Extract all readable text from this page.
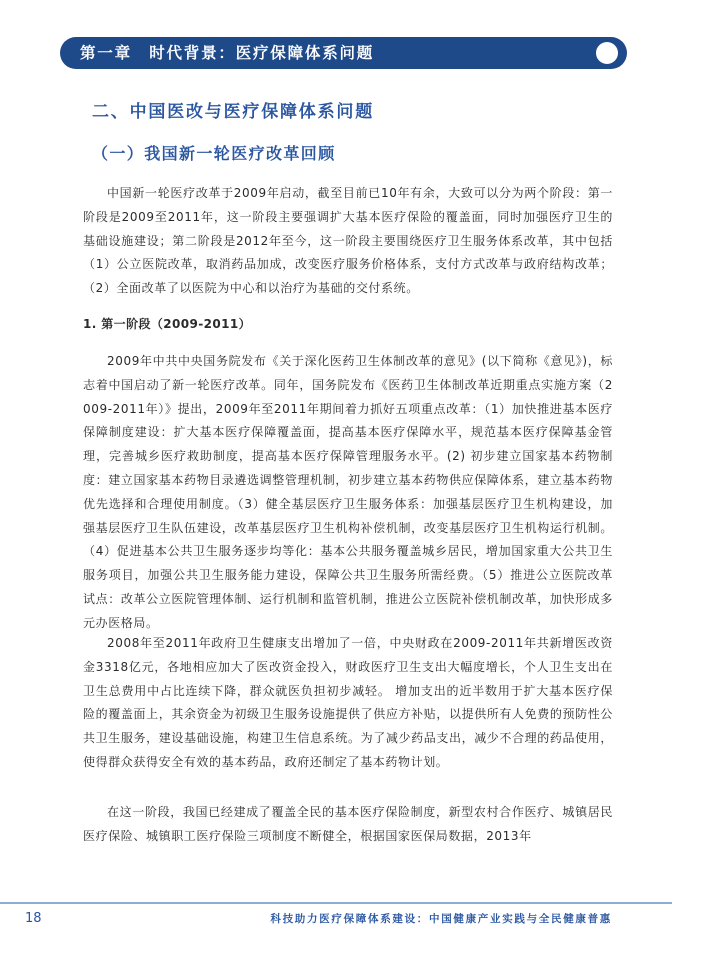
第一章　时代背景：医疗保障体系问题
二、中国医改与医疗保障体系问题
（一）我国新一轮医疗改革回顾

中国新一轮医疗改革于2009年启动，截至目前已10年有余，大致可以分为两个阶段：第一阶段是2009至2011年，这一阶段主要强调扩大基本医疗保险的覆盖面，同时加强医疗卫生的基础设施建设；第二阶段是2012年至今，这一阶段主要围绕医疗卫生服务体系改革，其中包括（1）公立医院改革，取消药品加成，改变医疗服务价格体系，支付方式改革与政府结构改革；（2）全面改革了以医院为中心和以治疗为基础的交付系统。

1. 第一阶段（2009-2011）

2009年中共中央国务院发布《关于深化医药卫生体制改革的意见》(以下简称《意见》)，标志着中国启动了新一轮医疗改革。同年，国务院发布《医药卫生体制改革近期重点实施方案（2009-2011年）》提出，2009年至2011年期间着力抓好五项重点改革：（1）加快推进基本医疗保障制度建设：扩大基本医疗保障覆盖面，提高基本医疗保障水平，规范基本医疗保障基金管理，完善城乡医疗救助制度，提高基本医疗保障管理服务水平。(2) 初步建立国家基本药物制度：建立国家基本药物目录遴选调整管理机制，初步建立基本药物供应保障体系，建立基本药物优先选择和合理使用制度。（3）健全基层医疗卫生服务体系：加强基层医疗卫生机构建设，加强基层医疗卫生队伍建设，改革基层医疗卫生机构补偿机制，改变基层医疗卫生机构运行机制。（4）促进基本公共卫生服务逐步均等化：基本公共服务覆盖城乡居民，增加国家重大公共卫生服务项目，加强公共卫生服务能力建设，保障公共卫生服务所需经费。（5）推进公立医院改革试点：改革公立医院管理体制、运行机制和监管机制，推进公立医院补偿机制改革，加快形成多元办医格局。

2008年至2011年政府卫生健康支出增加了一倍，中央财政在2009-2011年共新增医改资金3318亿元，各地相应加大了医改资金投入，财政医疗卫生支出大幅度增长，个人卫生支出在卫生总费用中占比连续下降，群众就医负担初步减轻。 增加支出的近半数用于扩大基本医疗保险的覆盖面上，其余资金为初级卫生服务设施提供了供应方补贴，以提供所有人免费的预防性公共卫生服务，建设基础设施，构建卫生信息系统。为了减少药品支出，减少不合理的药品使用，使得群众获得安全有效的基本药品，政府还制定了基本药物计划。

在这一阶段，我国已经建成了覆盖全民的基本医疗保险制度，新型农村合作医疗、城镇居民医疗保险、城镇职工医疗保险三项制度不断健全，根据国家医保局数据，2013年

18	科技助力医疗保障体系建设：中国健康产业实践与全民健康普惠
